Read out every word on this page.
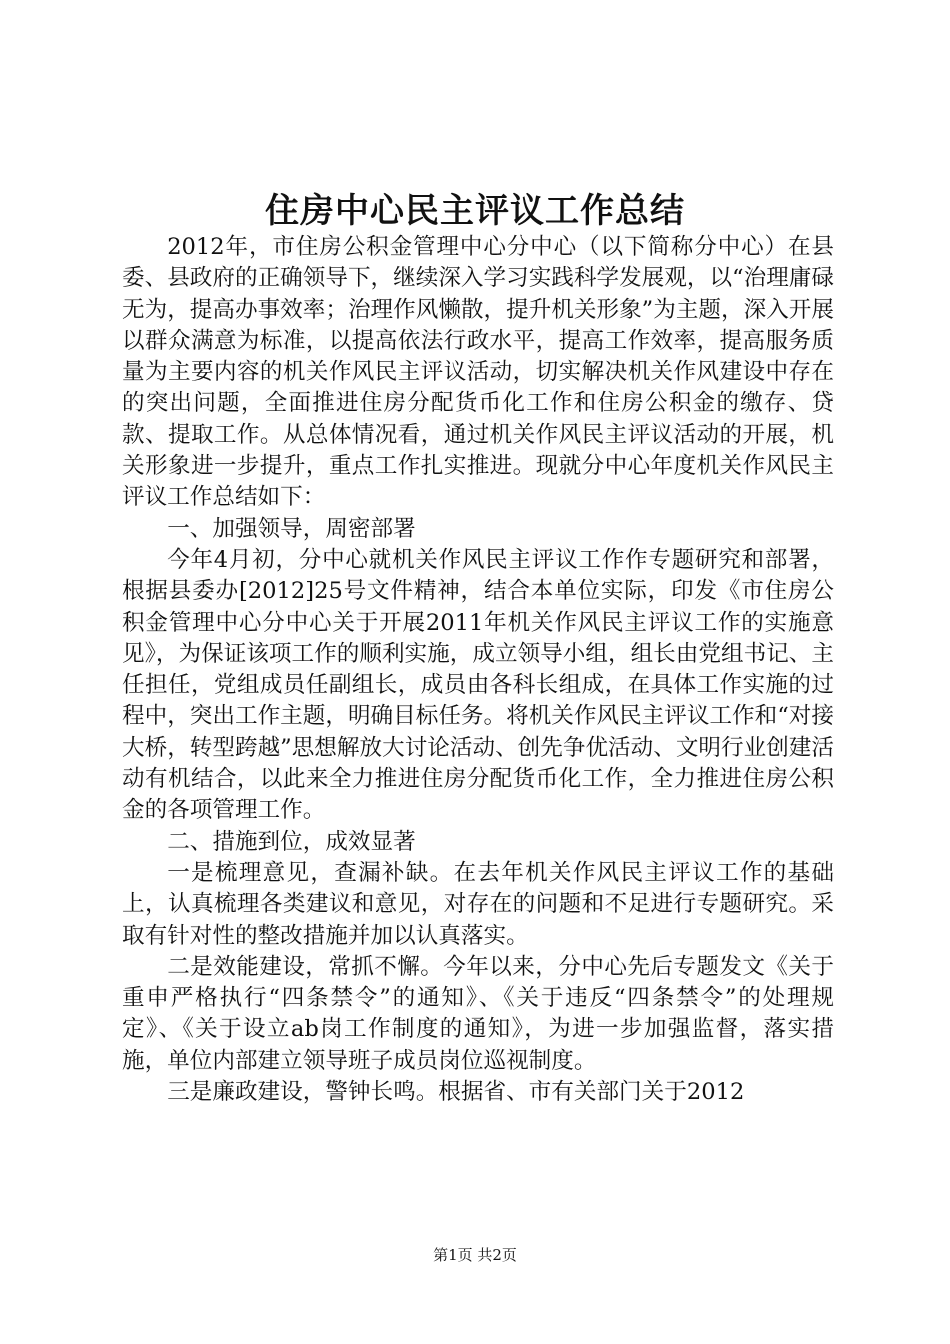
住房中心民主评议工作总结

2012年，市住房公积金管理中心分中心（以下简称分中心）在县委、县政府的正确领导下，继续深入学习实践科学发展观，以“治理庸碌无为，提高办事效率；治理作风懒散，提升机关形象”为主题，深入开展以群众满意为标准，以提高依法行政水平，提高工作效率，提高服务质量为主要内容的机关作风民主评议活动，切实解决机关作风建设中存在的突出问题，全面推进住房分配货币化工作和住房公积金的缴存、贷款、提取工作。从总体情况看，通过机关作风民主评议活动的开展，机关形象进一步提升，重点工作扎实推进。现就分中心年度机关作风民主评议工作总结如下：

一、加强领导，周密部署

今年4月初，分中心就机关作风民主评议工作作专题研究和部署，根据县委办[2012]25号文件精神，结合本单位实际，印发《市住房公积金管理中心分中心关于开展2011年机关作风民主评议工作的实施意见》，为保证该项工作的顺利实施，成立领导小组，组长由党组书记、主任担任，党组成员任副组长，成员由各科长组成，在具体工作实施的过程中，突出工作主题，明确目标任务。将机关作风民主评议工作和“对接大桥，转型跨越”思想解放大讨论活动、创先争优活动、文明行业创建活动有机结合，以此来全力推进住房分配货币化工作，全力推进住房公积金的各项管理工作。

二、措施到位，成效显著

一是梳理意见，查漏补缺。在去年机关作风民主评议工作的基础上，认真梳理各类建议和意见，对存在的问题和不足进行专题研究。采取有针对性的整改措施并加以认真落实。

二是效能建设，常抓不懈。今年以来，分中心先后专题发文《关于重申严格执行“四条禁令”的通知》、《关于违反“四条禁令”的处理规定》、《关于设立ab岗工作制度的通知》，为进一步加强监督，落实措施，单位内部建立领导班子成员岗位巡视制度。

三是廉政建设，警钟长鸣。根据省、市有关部门关于2012

第1页 共2页
